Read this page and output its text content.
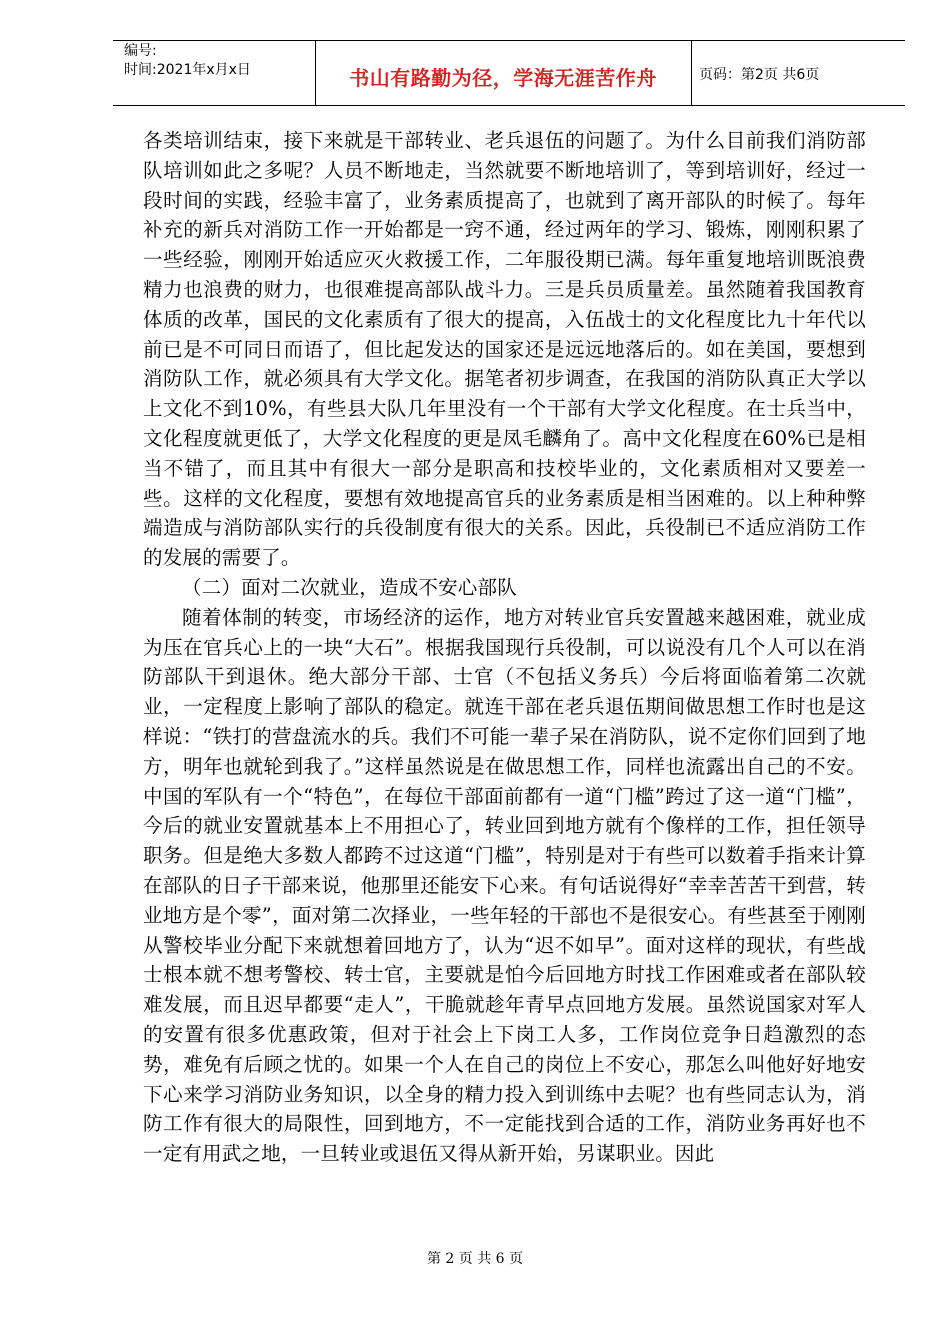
编号:
时间:2021年x月x日	书山有路勤为径，学海无涯苦作舟	页码：第2页 共6页

各类培训结束，接下来就是干部转业、老兵退伍的问题了。为什么目前我们消防部队培训如此之多呢？人员不断地走，当然就要不断地培训了，等到培训好，经过一段时间的实践，经验丰富了，业务素质提高了，也就到了离开部队的时候了。每年补充的新兵对消防工作一开始都是一窍不通，经过两年的学习、锻炼，刚刚积累了一些经验，刚刚开始适应灭火救援工作，二年服役期已满。每年重复地培训既浪费精力也浪费的财力，也很难提高部队战斗力。三是兵员质量差。虽然随着我国教育体质的改革，国民的文化素质有了很大的提高，入伍战士的文化程度比九十年代以前已是不可同日而语了，但比起发达的国家还是远远地落后的。如在美国，要想到消防队工作，就必须具有大学文化。据笔者初步调查，在我国的消防队真正大学以上文化不到10%，有些县大队几年里没有一个干部有大学文化程度。在士兵当中，文化程度就更低了，大学文化程度的更是凤毛麟角了。高中文化程度在60%已是相当不错了，而且其中有很大一部分是职高和技校毕业的，文化素质相对又要差一些。这样的文化程度，要想有效地提高官兵的业务素质是相当困难的。以上种种弊端造成与消防部队实行的兵役制度有很大的关系。因此，兵役制已不适应消防工作的发展的需要了。

（二）面对二次就业，造成不安心部队

随着体制的转变，市场经济的运作，地方对转业官兵安置越来越困难，就业成为压在官兵心上的一块“大石”。根据我国现行兵役制，可以说没有几个人可以在消防部队干到退休。绝大部分干部、士官（不包括义务兵）今后将面临着第二次就业，一定程度上影响了部队的稳定。就连干部在老兵退伍期间做思想工作时也是这样说：“铁打的营盘流水的兵。我们不可能一辈子呆在消防队，说不定你们回到了地方，明年也就轮到我了。”这样虽然说是在做思想工作，同样也流露出自己的不安。中国的军队有一个“特色”，在每位干部面前都有一道“门槛”跨过了这一道“门槛”，今后的就业安置就基本上不用担心了，转业回到地方就有个像样的工作，担任领导职务。但是绝大多数人都跨不过这道“门槛”，特别是对于有些可以数着手指来计算在部队的日子干部来说，他那里还能安下心来。有句话说得好“幸幸苦苦干到营，转业地方是个零”，面对第二次择业，一些年轻的干部也不是很安心。有些甚至于刚刚从警校毕业分配下来就想着回地方了，认为“迟不如早”。面对这样的现状，有些战士根本就不想考警校、转士官，主要就是怕今后回地方时找工作困难或者在部队较难发展，而且迟早都要“走人”，干脆就趁年青早点回地方发展。虽然说国家对军人的安置有很多优惠政策，但对于社会上下岗工人多，工作岗位竞争日趋激烈的态势，难免有后顾之忧的。如果一个人在自己的岗位上不安心，那怎么叫他好好地安下心来学习消防业务知识，以全身的精力投入到训练中去呢？也有些同志认为，消防工作有很大的局限性，回到地方，不一定能找到合适的工作，消防业务再好也不一定有用武之地，一旦转业或退伍又得从新开始，另谋职业。因此

第 2 页 共 6 页
